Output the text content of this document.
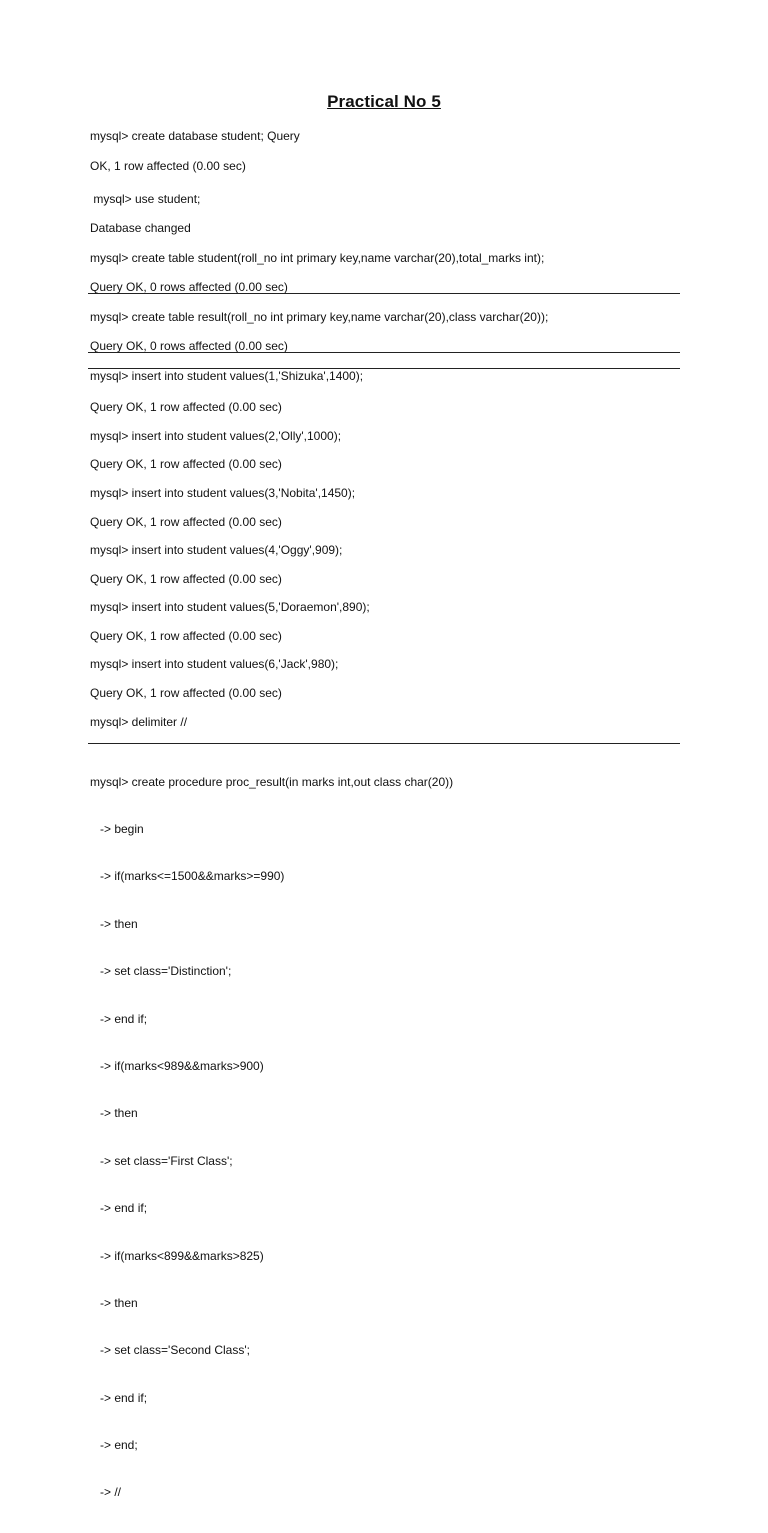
Practical No 5
mysql> create database student; Query
OK, 1 row affected (0.00 sec)
mysql> use student;
Database changed
mysql> create table student(roll_no int primary key,name varchar(20),total_marks int);
Query OK, 0 rows affected (0.00 sec)
mysql> create table result(roll_no int primary key,name varchar(20),class varchar(20));
Query OK, 0 rows affected (0.00 sec)
mysql> insert into student values(1,'Shizuka',1400);
Query OK, 1 row affected (0.00 sec)
mysql> insert into student values(2,'Olly',1000);
Query OK, 1 row affected (0.00 sec)
mysql> insert into student values(3,'Nobita',1450);
Query OK, 1 row affected (0.00 sec)
mysql> insert into student values(4,'Oggy',909);
Query OK, 1 row affected (0.00 sec)
mysql> insert into student values(5,'Doraemon',890);
Query OK, 1 row affected (0.00 sec)
mysql> insert into student values(6,'Jack',980);
Query OK, 1 row affected (0.00 sec)
mysql> delimiter //

mysql> create procedure proc_result(in marks int,out class char(20))

-> begin

-> if(marks<=1500&&marks>=990)

-> then

-> set class='Distinction';

-> end if;

-> if(marks<989&&marks>900)

-> then

-> set class='First Class';

-> end if;

-> if(marks<899&&marks>825)

-> then

-> set class='Second Class';

-> end if;

-> end;

-> //
